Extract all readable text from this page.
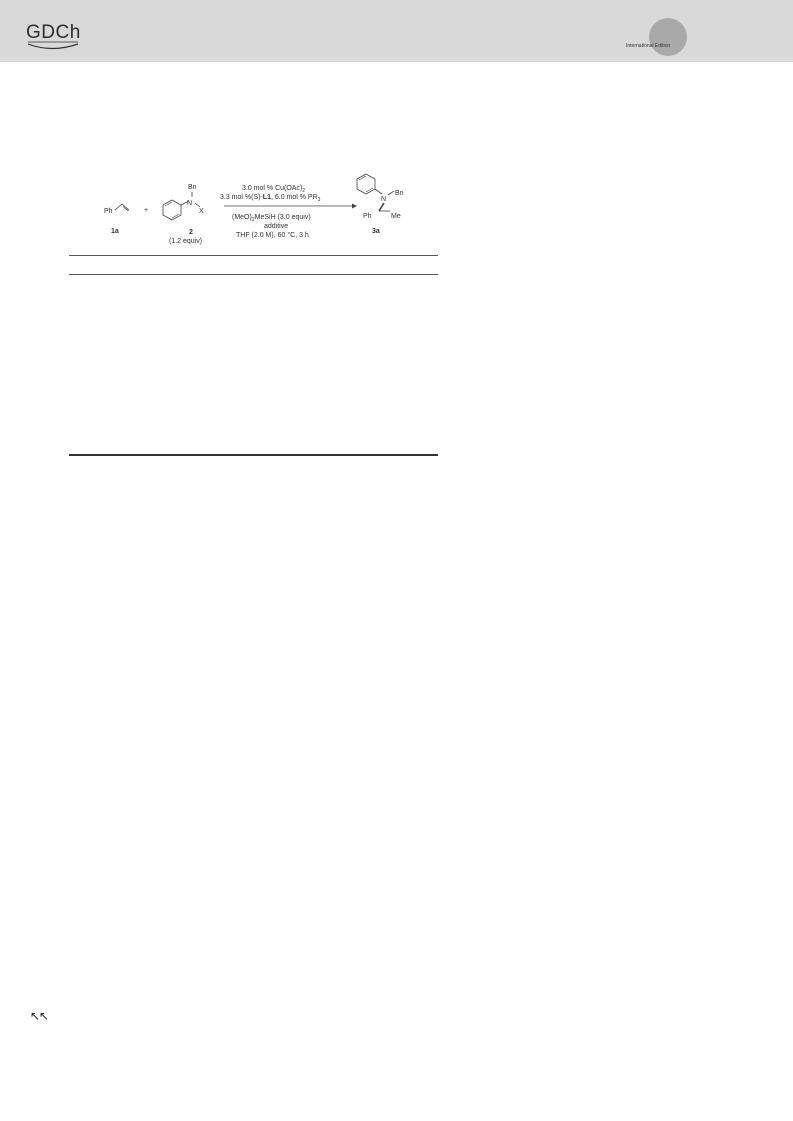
GDCh
International Edition
Ph
1a
+
N
Bn
X
2
(1.2 equiv)
3.0 mol % $Cu(OAc)_2$
3.3 mol %(S)-L1, 6.0 mol % $PR_3$
$(MeO)_2MeSiH$ (3.0 equiv)
additive
THF (2.0 M), 60 °C, 3 h
N
Bn
Ph	Me
3a
↖↖
